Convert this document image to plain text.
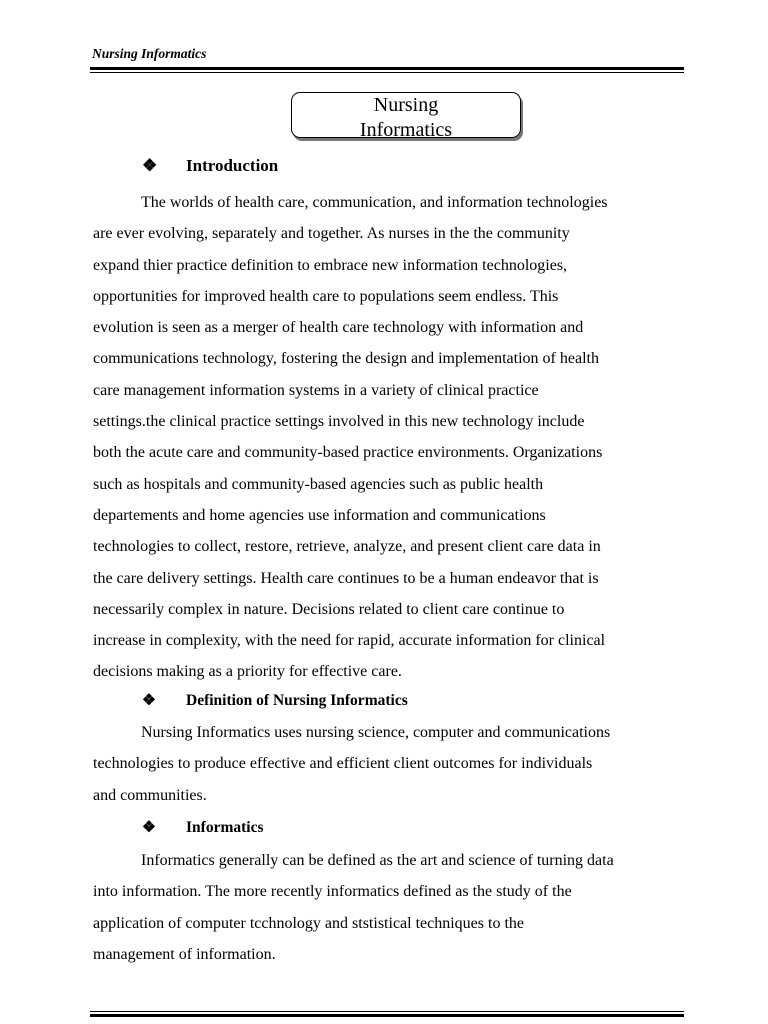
Nursing Informatics
Nursing
Informatics
❖	Introduction
The worlds of health care, communication, and information technologies
are ever evolving, separately and together. As nurses in the the community
expand thier practice definition to embrace new information technologies,
opportunities for improved health care to populations seem endless. This
evolution is seen as a merger of health care technology with information and
communications technology, fostering the design and implementation of health
care management information systems in a variety of clinical practice
settings.the clinical practice settings involved in this new technology include
both the acute care and community-based practice environments. Organizations
such as hospitals and community-based agencies such as public health
departements and home agencies use information and communications
technologies to collect, restore, retrieve, analyze, and present client care data in
the care delivery settings. Health care continues to be a human endeavor that is
necessarily complex in nature. Decisions related to client care continue to
increase in complexity, with the need for rapid, accurate information for clinical
decisions making as a priority for effective care.
❖	Definition of Nursing Informatics
Nursing Informatics uses nursing science, computer and communications
technologies to produce effective and efficient client outcomes for individuals
and communities.
❖	Informatics
Informatics generally can be defined as the art and science of turning data
into information. The more recently informatics defined as the study of the
application of computer tcchnology and ststistical techniques to the
management of information.
